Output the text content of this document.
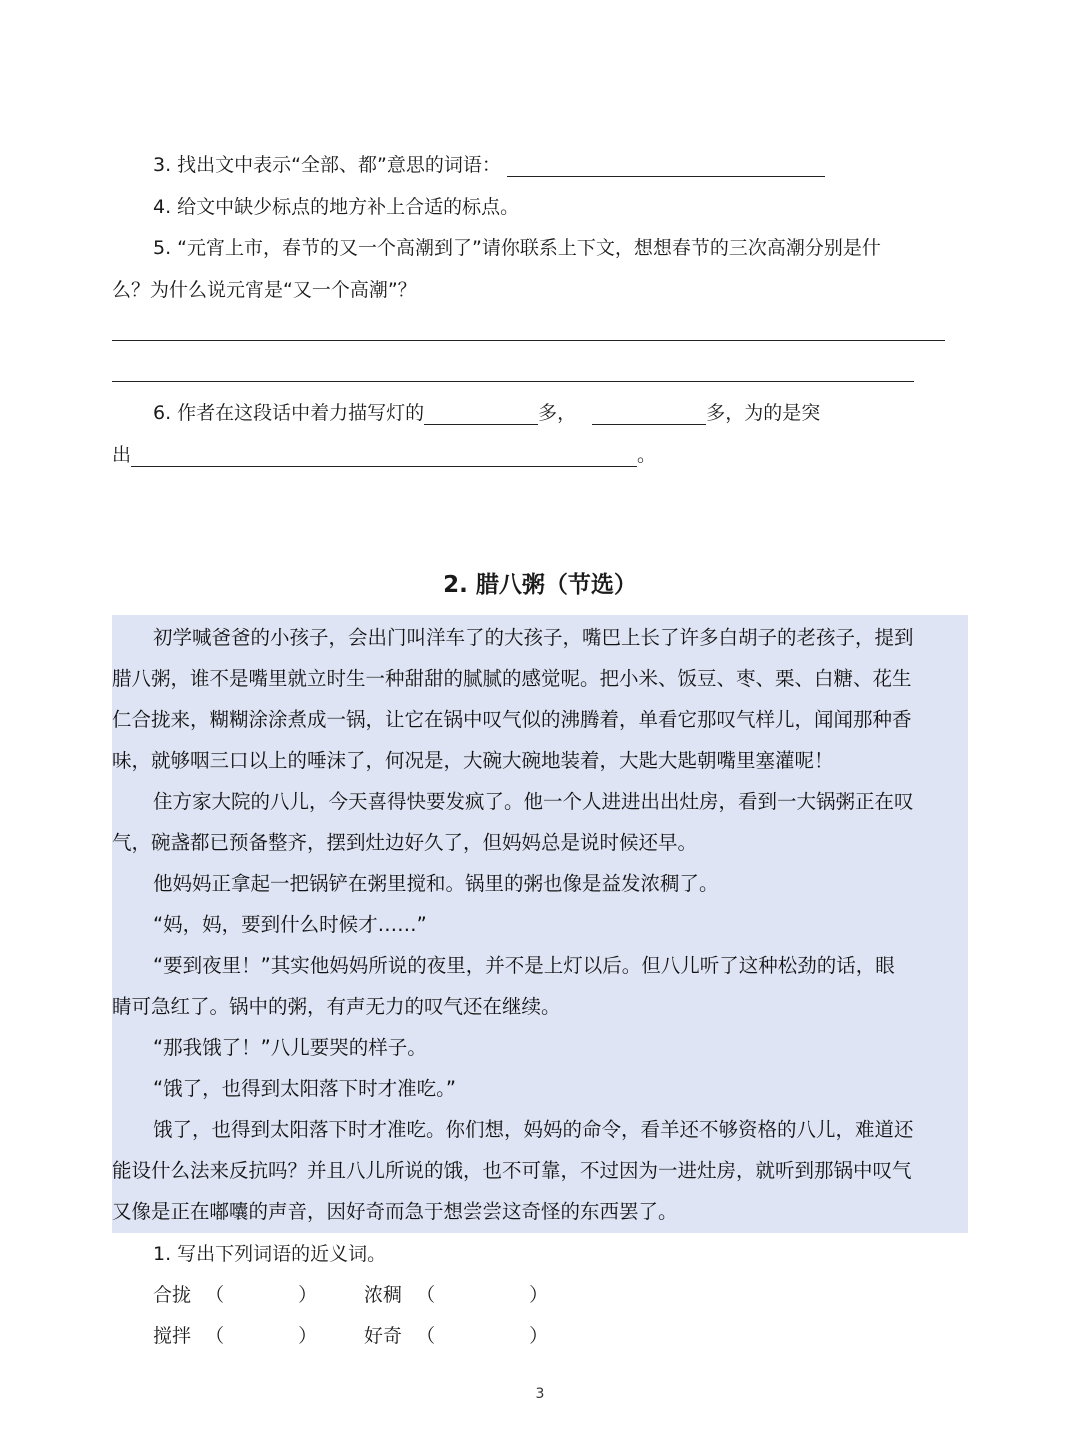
3. 找出文中表示“全部、都”意思的词语：
4. 给文中缺少标点的地方补上合适的标点。
5. “元宵上市，春节的又一个高潮到了”请你联系上下文，想想春节的三次高潮分别是什
么？为什么说元宵是“又一个高潮”？
6. 作者在这段话中着力描写灯的	多，	多，为的是突
出	。
2. 腊八粥（节选）
初学喊爸爸的小孩子，会出门叫洋车了的大孩子，嘴巴上长了许多白胡子的老孩子，提到
腊八粥，谁不是嘴里就立时生一种甜甜的腻腻的感觉呢。把小米、饭豆、枣、栗、白糖、花生
仁合拢来，糊糊涂涂煮成一锅，让它在锅中叹气似的沸腾着，单看它那叹气样儿，闻闻那种香
味，就够咽三口以上的唾沫了，何况是，大碗大碗地装着，大匙大匙朝嘴里塞灌呢！
住方家大院的八儿，今天喜得快要发疯了。他一个人进进出出灶房，看到一大锅粥正在叹
气，碗盏都已预备整齐，摆到灶边好久了，但妈妈总是说时候还早。
他妈妈正拿起一把锅铲在粥里搅和。锅里的粥也像是益发浓稠了。
“妈，妈，要到什么时候才……”
“要到夜里！”其实他妈妈所说的夜里，并不是上灯以后。但八儿听了这种松劲的话，眼
睛可急红了。锅中的粥，有声无力的叹气还在继续。
“那我饿了！”八儿要哭的样子。
“饿了，也得到太阳落下时才准吃。”
饿了，也得到太阳落下时才准吃。你们想，妈妈的命令，看羊还不够资格的八儿，难道还
能设什么法来反抗吗？并且八儿所说的饿，也不可靠，不过因为一进灶房，就听到那锅中叹气
又像是正在嘟囔的声音，因好奇而急于想尝尝这奇怪的东西罢了。
1. 写出下列词语的近义词。
合拢 （	） 浓稠 （	）
搅拌 （	） 好奇 （	）
3
